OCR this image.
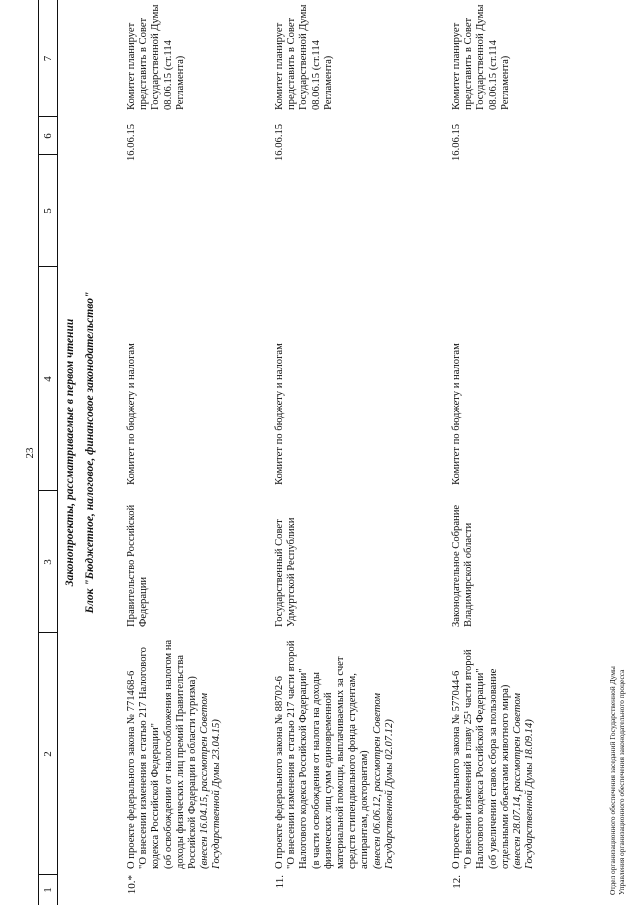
23
1
2
3
4
5
6
7
Законопроекты, рассматриваемые в первом чтении Блок "Бюджетное, налоговое, финансовое законодательство"
10.*
О проекте федерального закона № 771468-6 "О внесении изменения в статью 217 Налогового кодекса Российской Федерации" (об освобождении от налогообложения налогом на доходы физических лиц премий Правительства Российской Федерации в области туризма) (внесен 16.04.15, рассмотрен Советом Государственной Думы 23.04.15)
Правительство Российской Федерации
Комитет по бюджету и налогам
16.06.15
Комитет планирует представить в Совет Государственной Думы 08.06.15 (ст.114 Регламента)
11.
О проекте федерального закона № 88702-6 "О внесении изменения в статью 217 части второй Налогового кодекса Российской Федерации" (в части освобождения от налога на доходы физических лиц сумм единовременной материальной помощи, выплачиваемых за счет средств стипендиального фонда студентам, аспирантам, докторантам) (внесен 06.06.12, рассмотрен Советом Государственной Думы 02.07.12)
Государственный Совет Удмуртской Республики
Комитет по бюджету и налогам
16.06.15
Комитет планирует представить в Совет Государственной Думы 08.06.15 (ст.114 Регламента)
12.
О проекте федерального закона № 577044-6 "О внесении изменений в главу 25¹ части второй Налогового кодекса Российской Федерации" (об увеличении ставок сбора за пользование отдельными объектами животного мира) (внесен 28.07.14, рассмотрен Советом Государственной Думы 18.09.14)
Законодательное Собрание Владимирской области
Комитет по бюджету и налогам
16.06.15
Комитет планирует представить в Совет Государственной Думы 08.06.15 (ст.114 Регламента)
Отдел организационного обеспечения заседаний Государственной Думы Управления организационного обеспечения законодательного процесса
